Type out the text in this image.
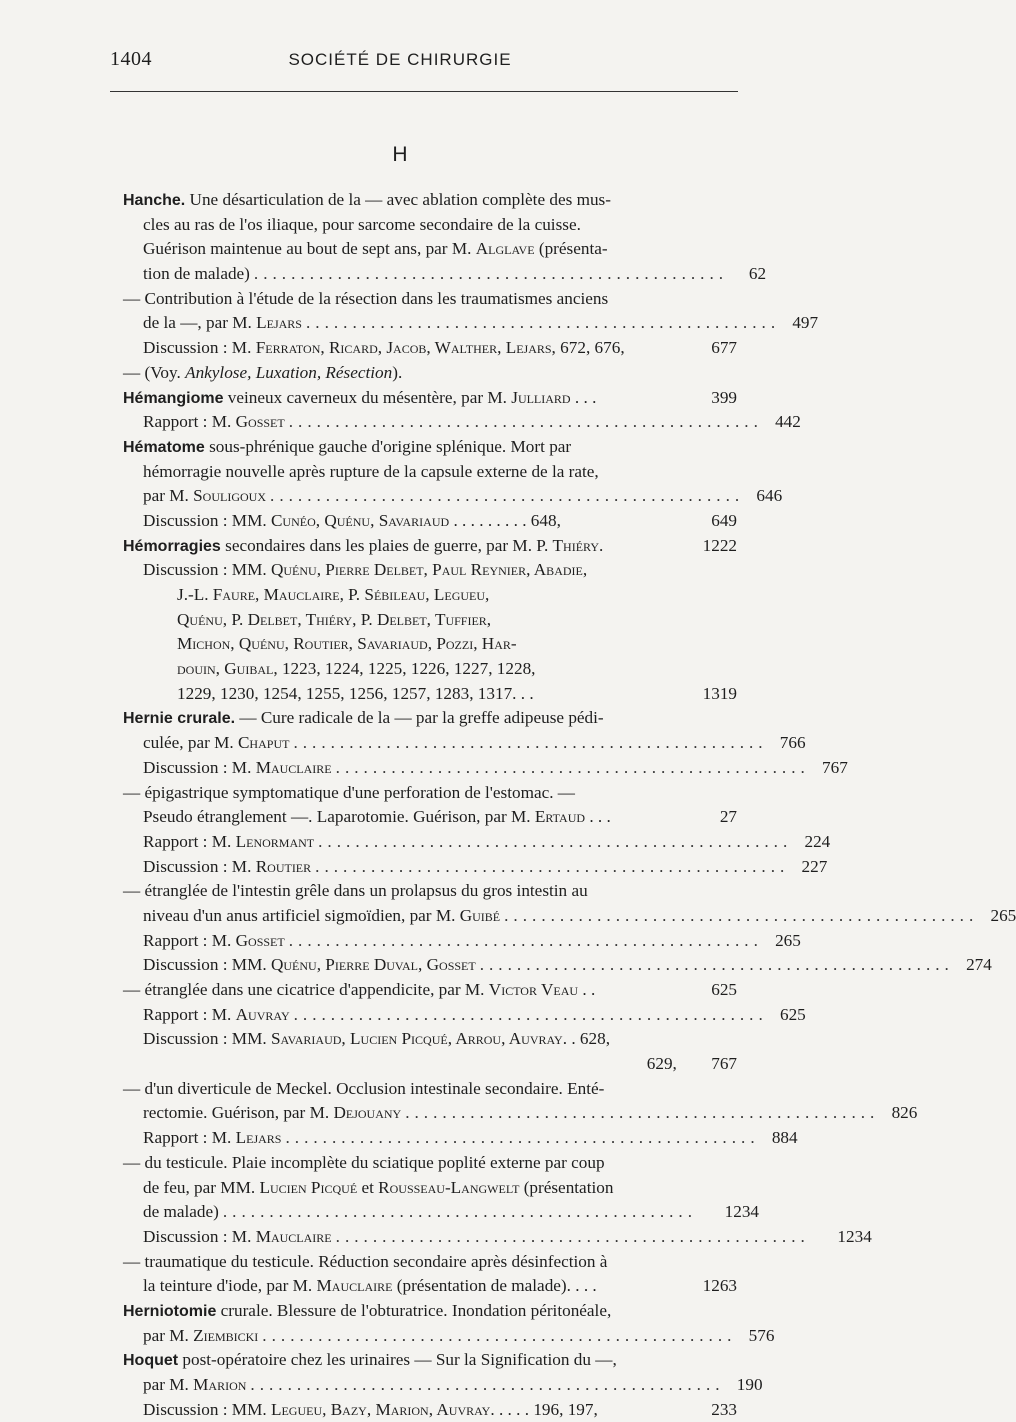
1404	SOCIÉTÉ DE CHIRURGIE
H
Hanche. Une désarticulation de la — avec ablation complète des mus-
cles au ras de l'os iliaque, pour sarcome secondaire de la cuisse.
Guérison maintenue au bout de sept ans, par M. Alglave (présenta-
tion de malade) ...................................................	62
— Contribution à l'étude de la résection dans les traumatismes anciens
de la —, par M. Lejars ................................................... 497
Discussion : M. Ferraton, Ricard, Jacob, Walther, Lejars, 672, 676,	677
— (Voy. Ankylose, Luxation, Résection).
Hémangiome veineux caverneux du mésentère, par M. Julliard . . .	399
Rapport : M. Gosset ................................................... 442
Hématome sous-phrénique gauche d'origine splénique. Mort par
hémorragie nouvelle après rupture de la capsule externe de la rate,
par M. Souligoux ................................................... 646
Discussion : MM. Cunéo, Quénu, Savariaud . . . . . . . . . 648,	649
Hémorragies secondaires dans les plaies de guerre, par M. P. Thiéry.	1222
Discussion : MM. Quénu, Pierre Delbet, Paul Reynier, Abadie,
J.-L. Faure, Mauclaire, P. Sébileau, Legueu,
Quénu, P. Delbet, Thiéry, P. Delbet, Tuffier,
Michon, Quénu, Routier, Savariaud, Pozzi, Har-
douin, Guibal, 1223, 1224, 1225, 1226, 1227, 1228,
1229, 1230, 1254, 1255, 1256, 1257, 1283, 1317. . .	1319
Hernie crurale. — Cure radicale de la — par la greffe adipeuse pédi-
culée, par M. Chaput ................................................... 766
Discussion : M. Mauclaire ................................................... 767
— épigastrique symptomatique d'une perforation de l'estomac. —
Pseudo étranglement —. Laparotomie. Guérison, par M. Ertaud . . .	27
Rapport : M. Lenormant ................................................... 224
Discussion : M. Routier ................................................... 227
— étranglée de l'intestin grêle dans un prolapsus du gros intestin au
niveau d'un anus artificiel sigmoïdien, par M. Guibé ................................................... 265
Rapport : M. Gosset ................................................... 265
Discussion : MM. Quénu, Pierre Duval, Gosset ................................................... 274
— étranglée dans une cicatrice d'appendicite, par M. Victor Veau . .	625
Rapport : M. Auvray ................................................... 625
Discussion : MM. Savariaud, Lucien Picqué, Arrou, Auvray. . 628,
629,   767
— d'un diverticule de Meckel. Occlusion intestinale secondaire. Enté-
rectomie. Guérison, par M. Dejouany ................................................... 826
Rapport : M. Lejars ................................................... 884
— du testicule. Plaie incomplète du sciatique poplité externe par coup
de feu, par MM. Lucien Picqué et Rousseau-Langwelt (présentation
de malade) ...................................................	1234
Discussion : M. Mauclaire ...................................................	1234
— traumatique du testicule. Réduction secondaire après désinfection à
la teinture d'iode, par M. Mauclaire (présentation de malade). . . .	1263
Herniotomie crurale. Blessure de l'obturatrice. Inondation péritonéale,
par M. Ziembicki ................................................... 576
Hoquet post-opératoire chez les urinaires — Sur la Signification du —,
par M. Marion ................................................... 190
Discussion : MM. Legueu, Bazy, Marion, Auvray. . . . . 196, 197,	233
